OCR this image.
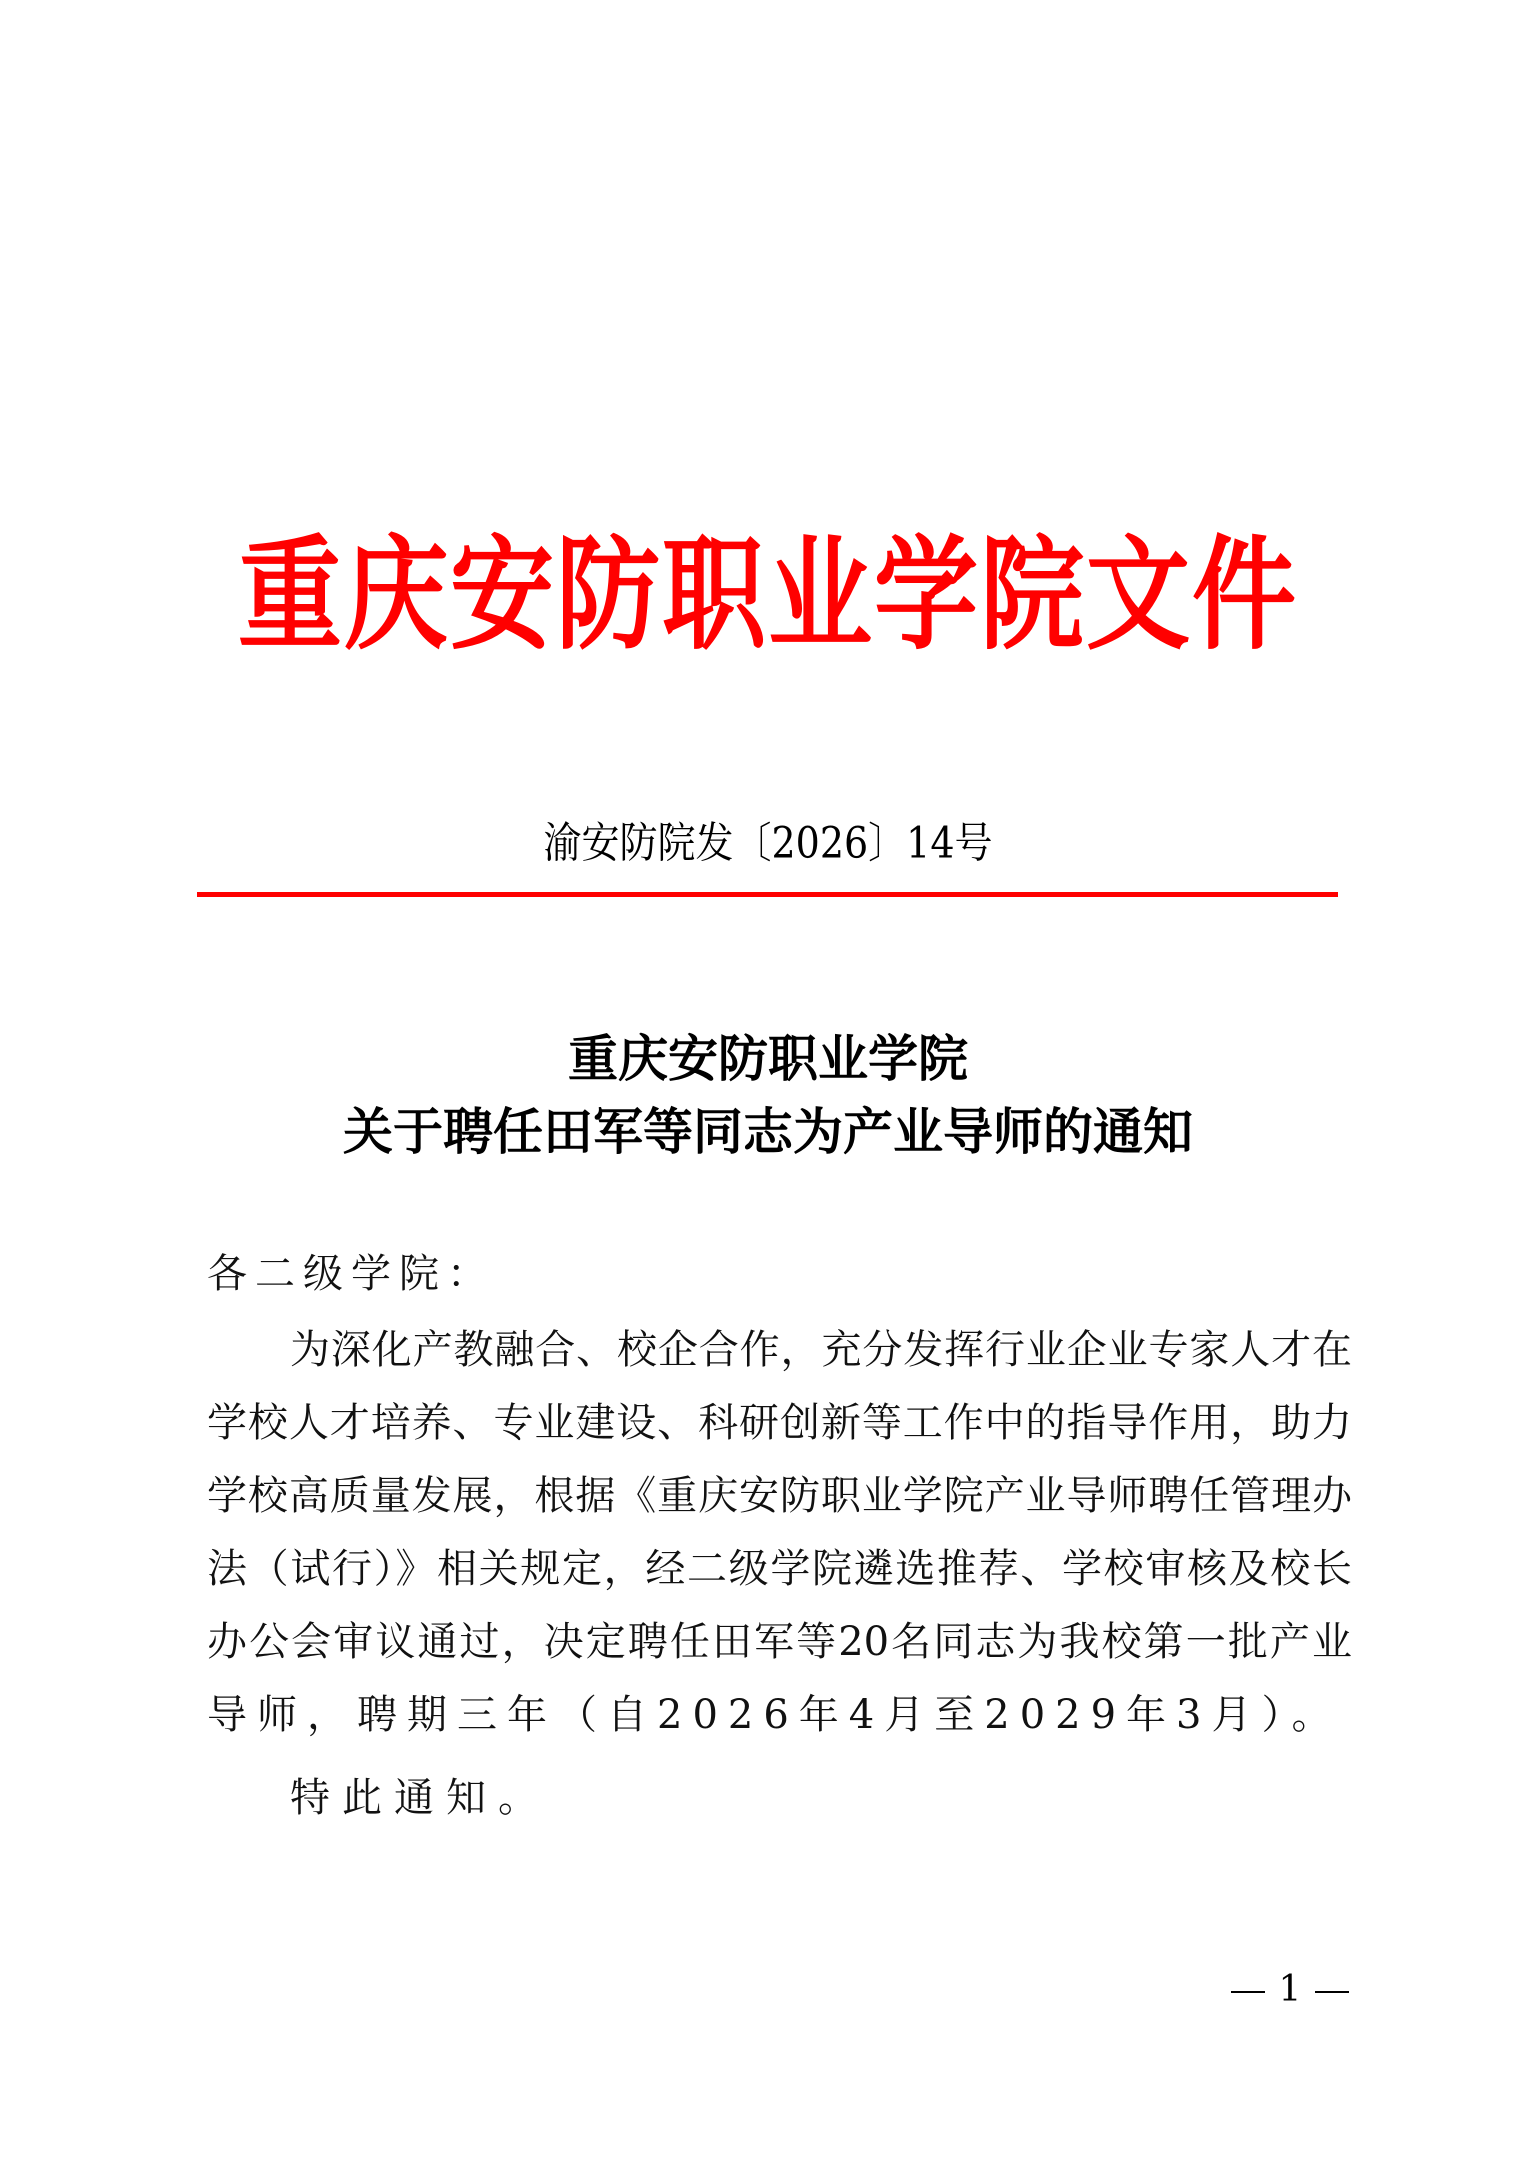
重庆安防职业学院文件
渝安防院发〔2026〕14号
重庆安防职业学院
关于聘任田军等同志为产业导师的通知
各二级学院：
为深化产教融合、校企合作，充分发挥行业企业专家人才在
学校人才培养、专业建设、科研创新等工作中的指导作用，助力
学校高质量发展，根据《重庆安防职业学院产业导师聘任管理办
法（试行）》相关规定，经二级学院遴选推荐、学校审核及校长
办公会审议通过，决定聘任田军等20名同志为我校第一批产业
导师，聘期三年（自2026年4月至2029年3月）。
特此通知。
1
